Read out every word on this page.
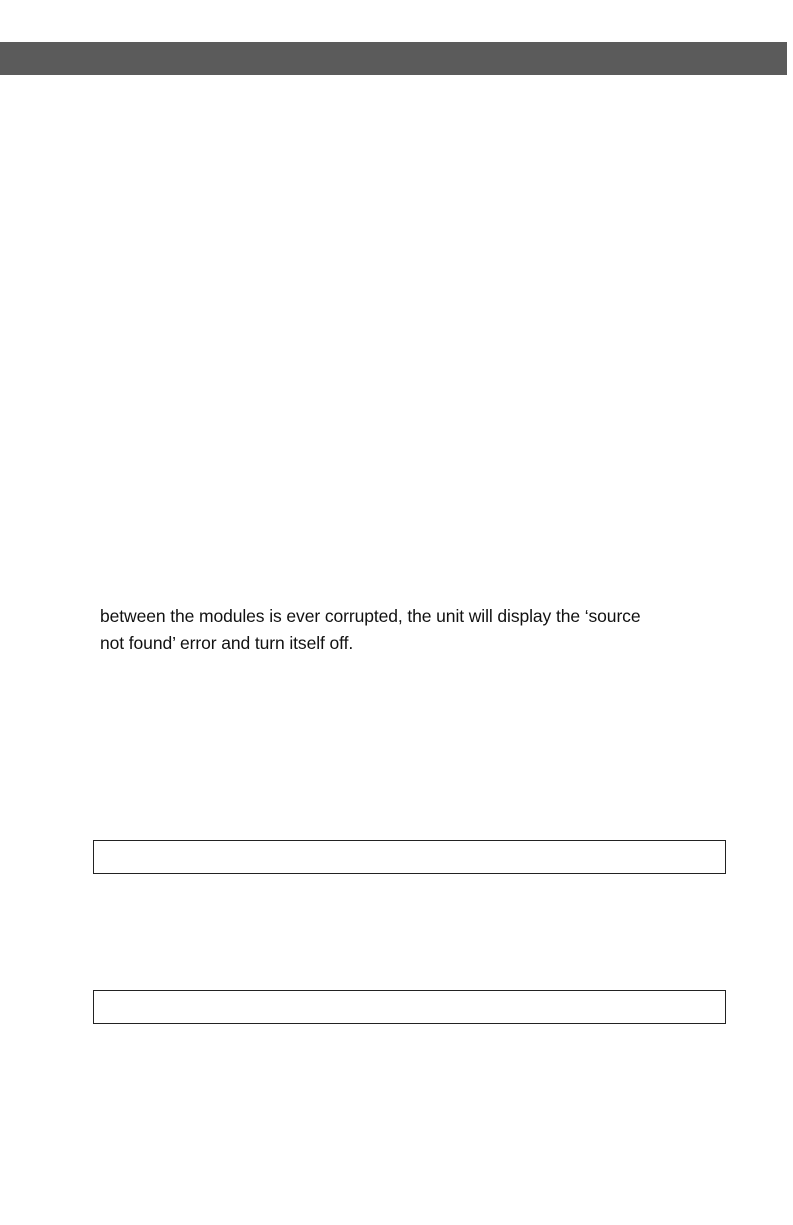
between the modules is ever corrupted, the unit will display the ‘source
not found’ error and turn itself off.
